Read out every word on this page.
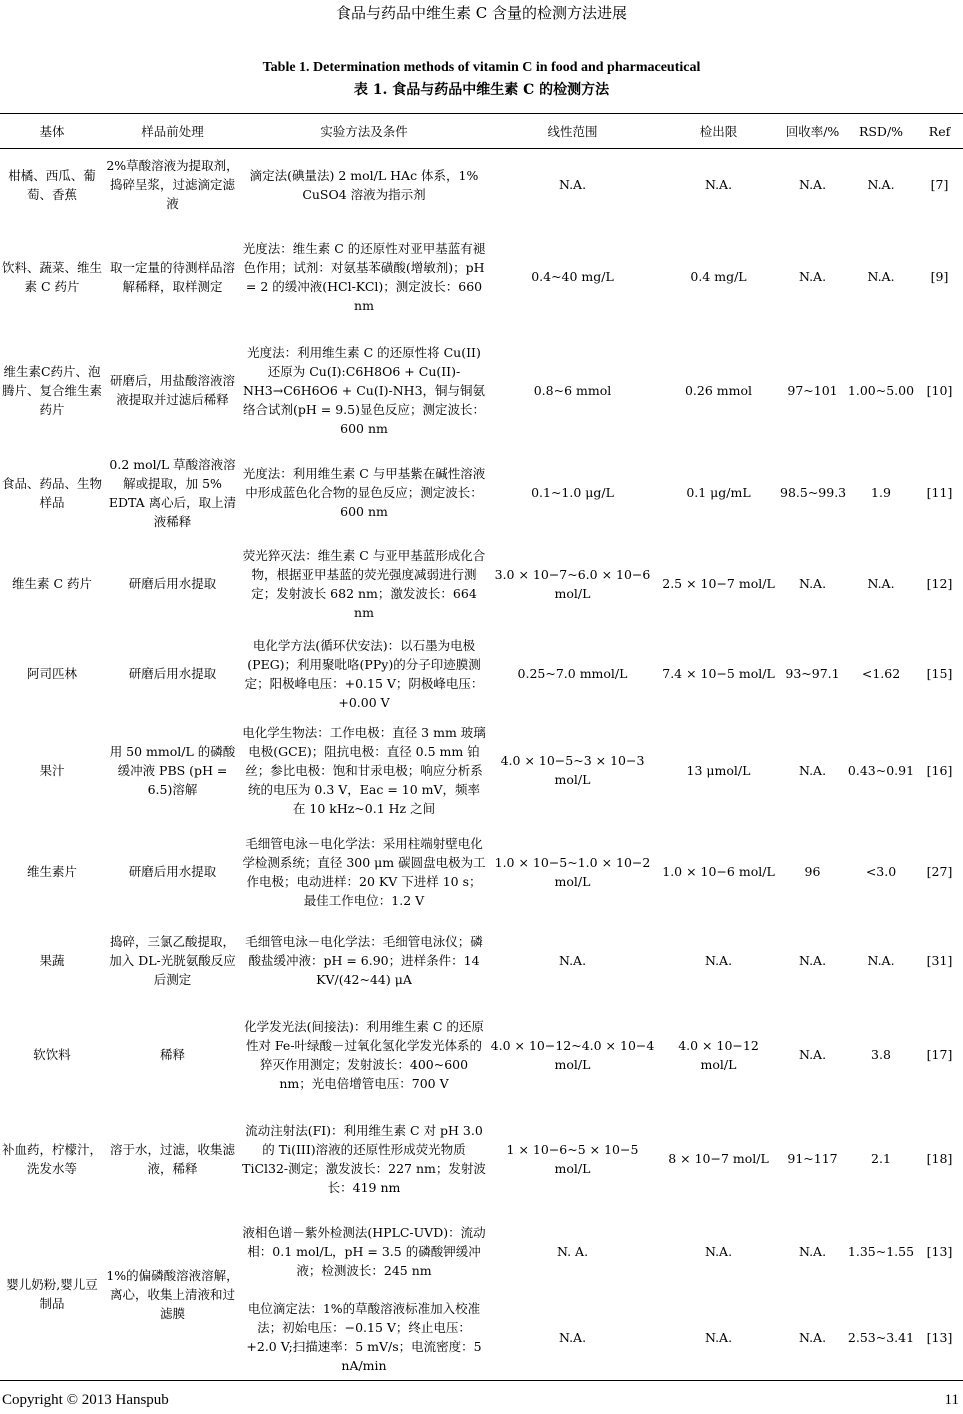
食品与药品中维生素 C 含量的检测方法进展
Table 1. Determination methods of vitamin C in food and pharmaceutical
表 1. 食品与药品中维生素 C 的检测方法
基体	样品前处理	实验方法及条件	线性范围	检出限	回收率/%	RSD/%	Ref
柑橘、西瓜、葡萄、香蕉	2%草酸溶液为提取剂，捣碎呈浆，过滤滴定滤液	滴定法(碘量法) 2 mol/L HAc 体系，1% CuSO4 溶液为指示剂	N.A.	N.A.	N.A.	N.A.	[7]
饮料、蔬菜、维生素 C 药片	取一定量的待测样品溶解稀释，取样测定	光度法：维生素 C 的还原性对亚甲基蓝有褪色作用；试剂：对氨基苯磺酸(增敏剂)；pH = 2 的缓冲液(HCl-KCl)；测定波长：660 nm	0.4~40 mg/L	0.4 mg/L	N.A.	N.A.	[9]
维生素C药片、泡腾片、复合维生素药片	研磨后，用盐酸溶液溶液提取并过滤后稀释	光度法：利用维生素 C 的还原性将 Cu(II)还原为 Cu(I):C6H8O6 + Cu(II)-NH3→C6H6O6 + Cu(I)-NH3，铜与铜氨络合试剂(pH = 9.5)显色反应；测定波长：600 nm	0.8~6 mmol	0.26 mmol	97~101	1.00~5.00	[10]
食品、药品、生物样品	0.2 mol/L 草酸溶液溶解或提取，加 5% EDTA 离心后，取上清液稀释	光度法：利用维生素 C 与甲基紫在碱性溶液中形成蓝色化合物的显色反应；测定波长：600 nm	0.1~1.0 μg/L	0.1 μg/mL	98.5~99.3	1.9	[11]
维生素 C 药片	研磨后用水提取	荧光猝灭法：维生素 C 与亚甲基蓝形成化合物，根据亚甲基蓝的荧光强度减弱进行测定；发射波长 682 nm；激发波长：664 nm	3.0 × 10−7~6.0 × 10−6 mol/L	2.5 × 10−7 mol/L	N.A.	N.A.	[12]
阿司匹林	研磨后用水提取	电化学方法(循环伏安法)：以石墨为电极(PEG)；利用聚吡咯(PPy)的分子印迹膜测定；阳极峰电压：+0.15 V；阴极峰电压：+0.00 V	0.25~7.0 mmol/L	7.4 × 10−5 mol/L	93~97.1	<1.62	[15]
果汁	用 50 mmol/L 的磷酸缓冲液 PBS (pH = 6.5)溶解	电化学生物法：工作电极：直径 3 mm 玻璃电极(GCE)；阻抗电极：直径 0.5 mm 铂丝；参比电极：饱和甘汞电极；响应分析系统的电压为 0.3 V，Eac = 10 mV，频率在 10 kHz~0.1 Hz 之间	4.0 × 10−5~3 × 10−3 mol/L	13 μmol/L	N.A.	0.43~0.91	[16]
维生素片	研磨后用水提取	毛细管电泳－电化学法：采用柱端射壁电化学检测系统；直径 300 μm 碳圆盘电极为工作电极；电动进样：20 KV 下进样 10 s；最佳工作电位：1.2 V	1.0 × 10−5~1.0 × 10−2 mol/L	1.0 × 10−6 mol/L	96	<3.0	[27]
果蔬	捣碎，三氯乙酸提取，加入 DL-光胱氨酸反应后测定	毛细管电泳－电化学法：毛细管电泳仪；磷酸盐缓冲液：pH = 6.90；进样条件：14 KV/(42~44) μA	N.A.	N.A.	N.A.	N.A.	[31]
软饮料	稀释	化学发光法(间接法)：利用维生素 C 的还原性对 Fe-叶绿酸－过氧化氢化学发光体系的猝灭作用测定；发射波长：400~600 nm；光电倍增管电压：700 V	4.0 × 10−12~4.0 × 10−4 mol/L	4.0 × 10−12 mol/L	N.A.	3.8	[17]
补血药，柠檬汁，洗发水等	溶于水，过滤，收集滤液，稀释	流动注射法(FI)：利用维生素 C 对 pH 3.0 的 Ti(III)溶液的还原性形成荧光物质 TiCl32-测定；激发波长：227 nm；发射波长：419 nm	1 × 10−6~5 × 10−5 mol/L	8 × 10−7 mol/L	91~117	2.1	[18]
婴儿奶粉,婴儿豆制品	1%的偏磷酸溶液溶解，离心，收集上清液和过滤膜	液相色谱－紫外检测法(HPLC-UVD)：流动相：0.1 mol/L，pH = 3.5 的磷酸钾缓冲液；检测波长：245 nm	N. A.	N.A.	N.A.	1.35~1.55	[13]
		电位滴定法：1%的草酸溶液标准加入校准法；初始电压：−0.15 V；终止电压：+2.0 V;扫描速率：5 mV/s；电流密度：5 nA/min	N.A.	N.A.	N.A.	2.53~3.41	[13]
Copyright © 2013 Hanspub	11
